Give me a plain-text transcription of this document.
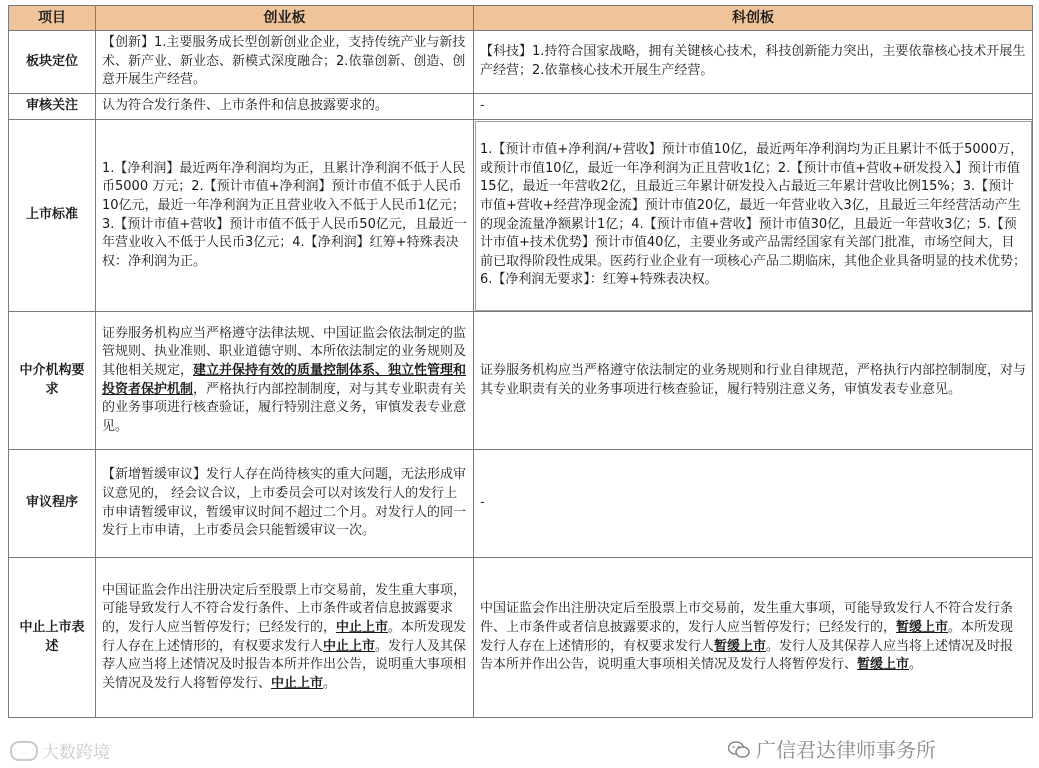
项目	创业板	科创板
板块定位	【创新】1.主要服务成长型创新创业企业，支持传统产业与新技术、新产业、新业态、新模式深度融合；2.依靠创新、创造、创意开展生产经营。	【科技】1.持符合国家战略，拥有关键核心技术，科技创新能力突出，主要依靠核心技术开展生产经营；2.依靠核心技术开展生产经营。
审核关注	认为符合发行条件、上市条件和信息披露要求的。	-
上市标准	1.【净利润】最近两年净利润均为正，且累计净利润不低于人民币5000 万元；2.【预计市值+净利润】预计市值不低于人民币10亿元，最近一年净利润为正且营业收入不低于人民币1亿元；3.【预计市值+营收】预计市值不低于人民币50亿元，且最近一年营业收入不低于人民币3亿元；4.【净利润】红筹+特殊表决权：净利润为正。	1.【预计市值+净利润/+营收】预计市值10亿，最近两年净利润均为正且累计不低于5000万，或预计市值10亿，最近一年净利润为正且营收1亿；2.【预计市值+营收+研发投入】预计市值15亿，最近一年营收2亿，且最近三年累计研发投入占最近三年累计营收比例15%；3.【预计市值+营收+经营净现金流】预计市值20亿，最近一年营业收入3亿，且最近三年经营活动产生的现金流量净额累计1亿；4.【预计市值+营收】预计市值30亿，且最近一年营收3亿；5.【预计市值+技术优势】预计市值40亿，主要业务或产品需经国家有关部门批准，市场空间大，目前已取得阶段性成果。医药行业企业有一项核心产品二期临床，其他企业具备明显的技术优势；6.【净利润无要求】：红筹+特殊表决权。
中介机构要求	证券服务机构应当严格遵守法律法规、中国证监会依法制定的监管规则、执业准则、职业道德守则、本所依法制定的业务规则及其他相关规定，建立并保持有效的质量控制体系、独立性管理和投资者保护机制，严格执行内部控制制度，对与其专业职责有关的业务事项进行核查验证，履行特别注意义务，审慎发表专业意见。	证券服务机构应当严格遵守依法制定的业务规则和行业自律规范，严格执行内部控制制度，对与其专业职责有关的业务事项进行核查验证，履行特别注意义务，审慎发表专业意见。
审议程序	【新增暂缓审议】发行人存在尚待核实的重大问题，无法形成审议意见的， 经会议合议，上市委员会可以对该发行人的发行上市申请暂缓审议，暂缓审议时间不超过二个月。对发行人的同一发行上市申请，上市委员会只能暂缓审议一次。	-
中止上市表述	中国证监会作出注册决定后至股票上市交易前，发生重大事项，可能导致发行人不符合发行条件、上市条件或者信息披露要求的，发行人应当暂停发行；已经发行的，中止上市。本所发现发行人存在上述情形的，有权要求发行人中止上市。发行人及其保荐人应当将上述情况及时报告本所并作出公告，说明重大事项相关情况及发行人将暂停发行、中止上市。	中国证监会作出注册决定后至股票上市交易前，发生重大事项，可能导致发行人不符合发行条件、上市条件或者信息披露要求的，发行人应当暂停发行；已经发行的，暂缓上市。本所发现发行人存在上述情形的，有权要求发行人暂缓上市。发行人及其保荐人应当将上述情况及时报告本所并作出公告，说明重大事项相关情况及发行人将暂停发行、暂缓上市。
大数跨境	广信君达律师事务所
